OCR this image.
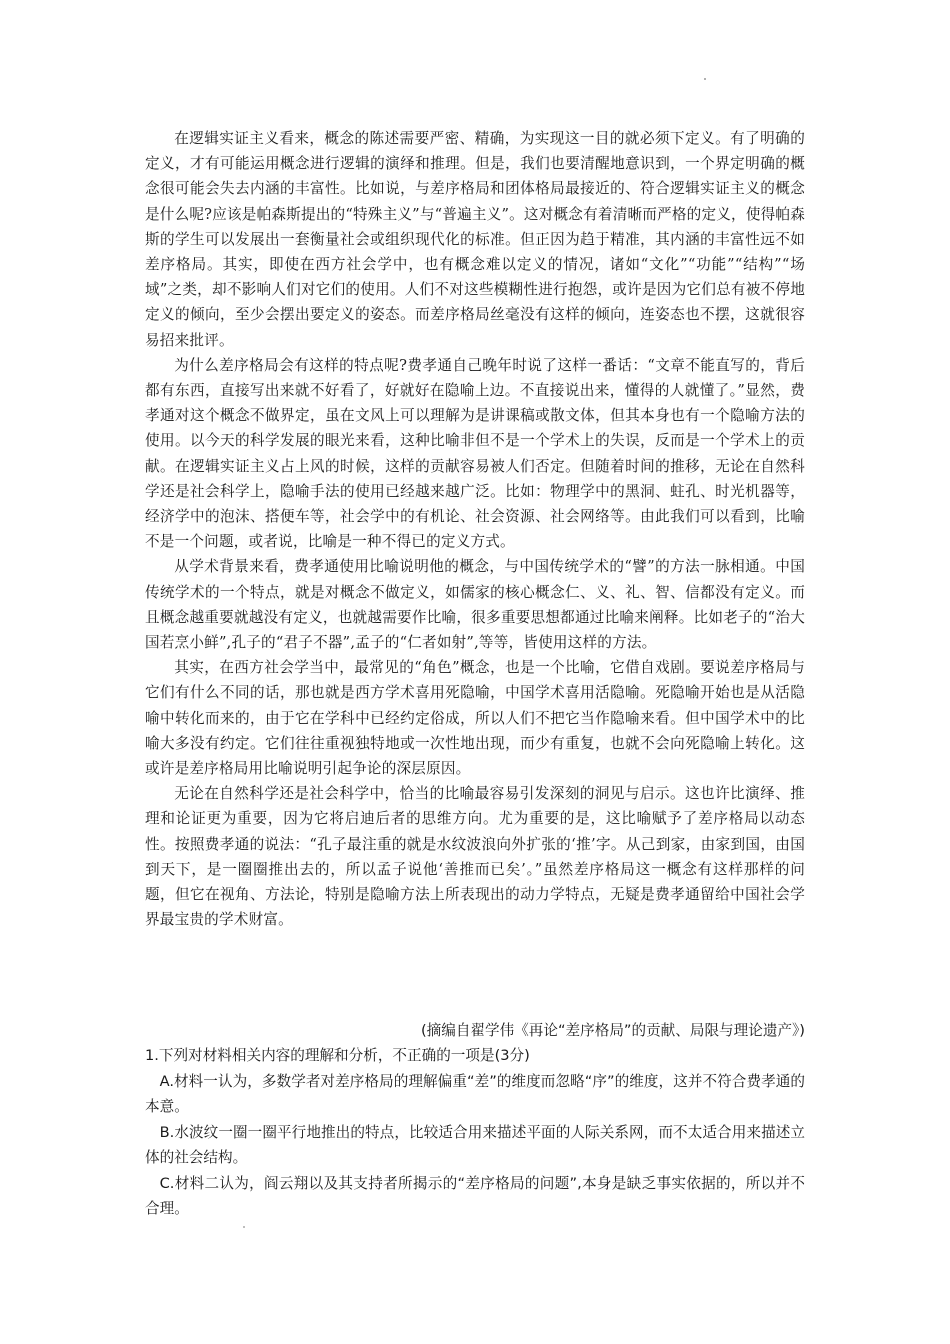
在逻辑实证主义看来，概念的陈述需要严密、精确，为实现这一目的就必须下定义。有了明确的定义，才有可能运用概念进行逻辑的演绎和推理。但是，我们也要清醒地意识到，一个界定明确的概念很可能会失去内涵的丰富性。比如说，与差序格局和团体格局最接近的、符合逻辑实证主义的概念是什么呢?应该是帕森斯提出的“特殊主义”与“普遍主义”。这对概念有着清晰而严格的定义，使得帕森斯的学生可以发展出一套衡量社会或组织现代化的标准。但正因为趋于精准，其内涵的丰富性远不如差序格局。其实，即使在西方社会学中，也有概念难以定义的情况，诸如“文化”“功能”“结构”“场域”之类，却不影响人们对它们的使用。人们不对这些模糊性进行抱怨，或许是因为它们总有被不停地定义的倾向，至少会摆出要定义的姿态。而差序格局丝毫没有这样的倾向，连姿态也不摆，这就很容易招来批评。

为什么差序格局会有这样的特点呢?费孝通自己晚年时说了这样一番话：“文章不能直写的，背后都有东西，直接写出来就不好看了，好就好在隐喻上边。不直接说出来，懂得的人就懂了。”显然，费孝通对这个概念不做界定，虽在文风上可以理解为是讲课稿或散文体，但其本身也有一个隐喻方法的使用。以今天的科学发展的眼光来看，这种比喻非但不是一个学术上的失误，反而是一个学术上的贡献。在逻辑实证主义占上风的时候，这样的贡献容易被人们否定。但随着时间的推移，无论在自然科学还是社会科学上，隐喻手法的使用已经越来越广泛。比如：物理学中的黑洞、蛀孔、时光机器等，经济学中的泡沫、搭便车等，社会学中的有机论、社会资源、社会网络等。由此我们可以看到，比喻不是一个问题，或者说，比喻是一种不得已的定义方式。

从学术背景来看，费孝通使用比喻说明他的概念，与中国传统学术的“譬”的方法一脉相通。中国传统学术的一个特点，就是对概念不做定义，如儒家的核心概念仁、义、礼、智、信都没有定义。而且概念越重要就越没有定义，也就越需要作比喻，很多重要思想都通过比喻来阐释。比如老子的“治大国若烹小鲜”,孔子的“君子不器”,孟子的“仁者如射”,等等，皆使用这样的方法。

其实，在西方社会学当中，最常见的“角色”概念，也是一个比喻，它借自戏剧。要说差序格局与它们有什么不同的话，那也就是西方学术喜用死隐喻，中国学术喜用活隐喻。死隐喻开始也是从活隐喻中转化而来的，由于它在学科中已经约定俗成，所以人们不把它当作隐喻来看。但中国学术中的比喻大多没有约定。它们往往重视独特地或一次性地出现，而少有重复，也就不会向死隐喻上转化。这或许是差序格局用比喻说明引起争论的深层原因。

无论在自然科学还是社会科学中，恰当的比喻最容易引发深刻的洞见与启示。这也许比演绎、推理和论证更为重要，因为它将启迪后者的思维方向。尤为重要的是，这比喻赋予了差序格局以动态性。按照费孝通的说法：“孔子最注重的就是水纹波浪向外扩张的‘推’字。从己到家，由家到国，由国到天下，是一圈圈推出去的，所以孟子说他‘善推而已矣’。”虽然差序格局这一概念有这样那样的问题，但它在视角、方法论，特别是隐喻方法上所表现出的动力学特点，无疑是费孝通留给中国社会学界最宝贵的学术财富。

(摘编自翟学伟《再论“差序格局”的贡献、局限与理论遗产》)

1.下列对材料相关内容的理解和分析，不正确的一项是(3分)

A.材料一认为，多数学者对差序格局的理解偏重“差”的维度而忽略“序”的维度，这并不符合费孝通的本意。

B.水波纹一圈一圈平行地推出的特点，比较适合用来描述平面的人际关系网，而不太适合用来描述立体的社会结构。

C.材料二认为，阎云翔以及其支持者所揭示的“差序格局的问题”,本身是缺乏事实依据的，所以并不合理。
